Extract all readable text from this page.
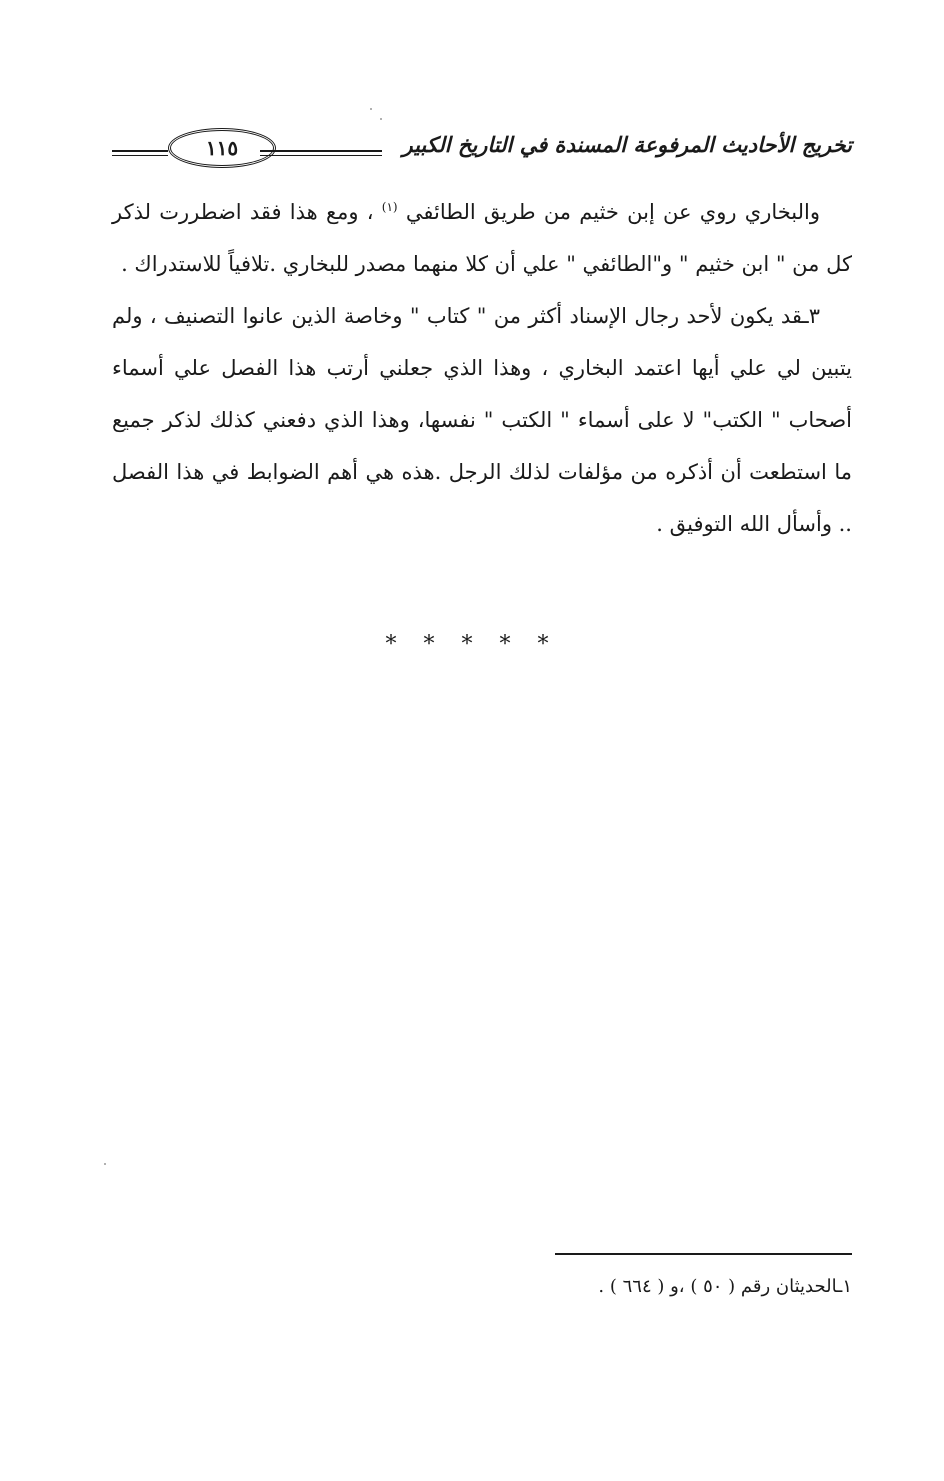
تخريج الأحاديث المرفوعة المسندة في التاريخ الكبير
١١٥

والبخاري روي عن إبن خثيم من طريق الطائفي $^{(١)}$ ، ومع هذا فقد اضطررت لذكر كل من " ابن خثيم " و"الطائفي " علي أن كلا منهما مصدر للبخاري .تلافياً للاستدراك .

٣ـقد يكون لأحد رجال الإسناد أكثر من " كتاب " وخاصة الذين عانوا التصنيف ، ولم يتبين لي علي أيها اعتمد البخاري ، وهذا الذي جعلني أرتب هذا الفصل علي أسماء أصحاب " الكتب" لا على أسماء " الكتب " نفسها، وهذا الذي دفعني كذلك لذكر جميع ما استطعت أن أذكره من مؤلفات لذلك الرجل .هذه هي أهم الضوابط في هذا الفصل .. وأسأل الله التوفيق .

* * * * *
١ـالحديثان رقم ( ٥٠ ) ،و ( ٦٦٤ ) .
